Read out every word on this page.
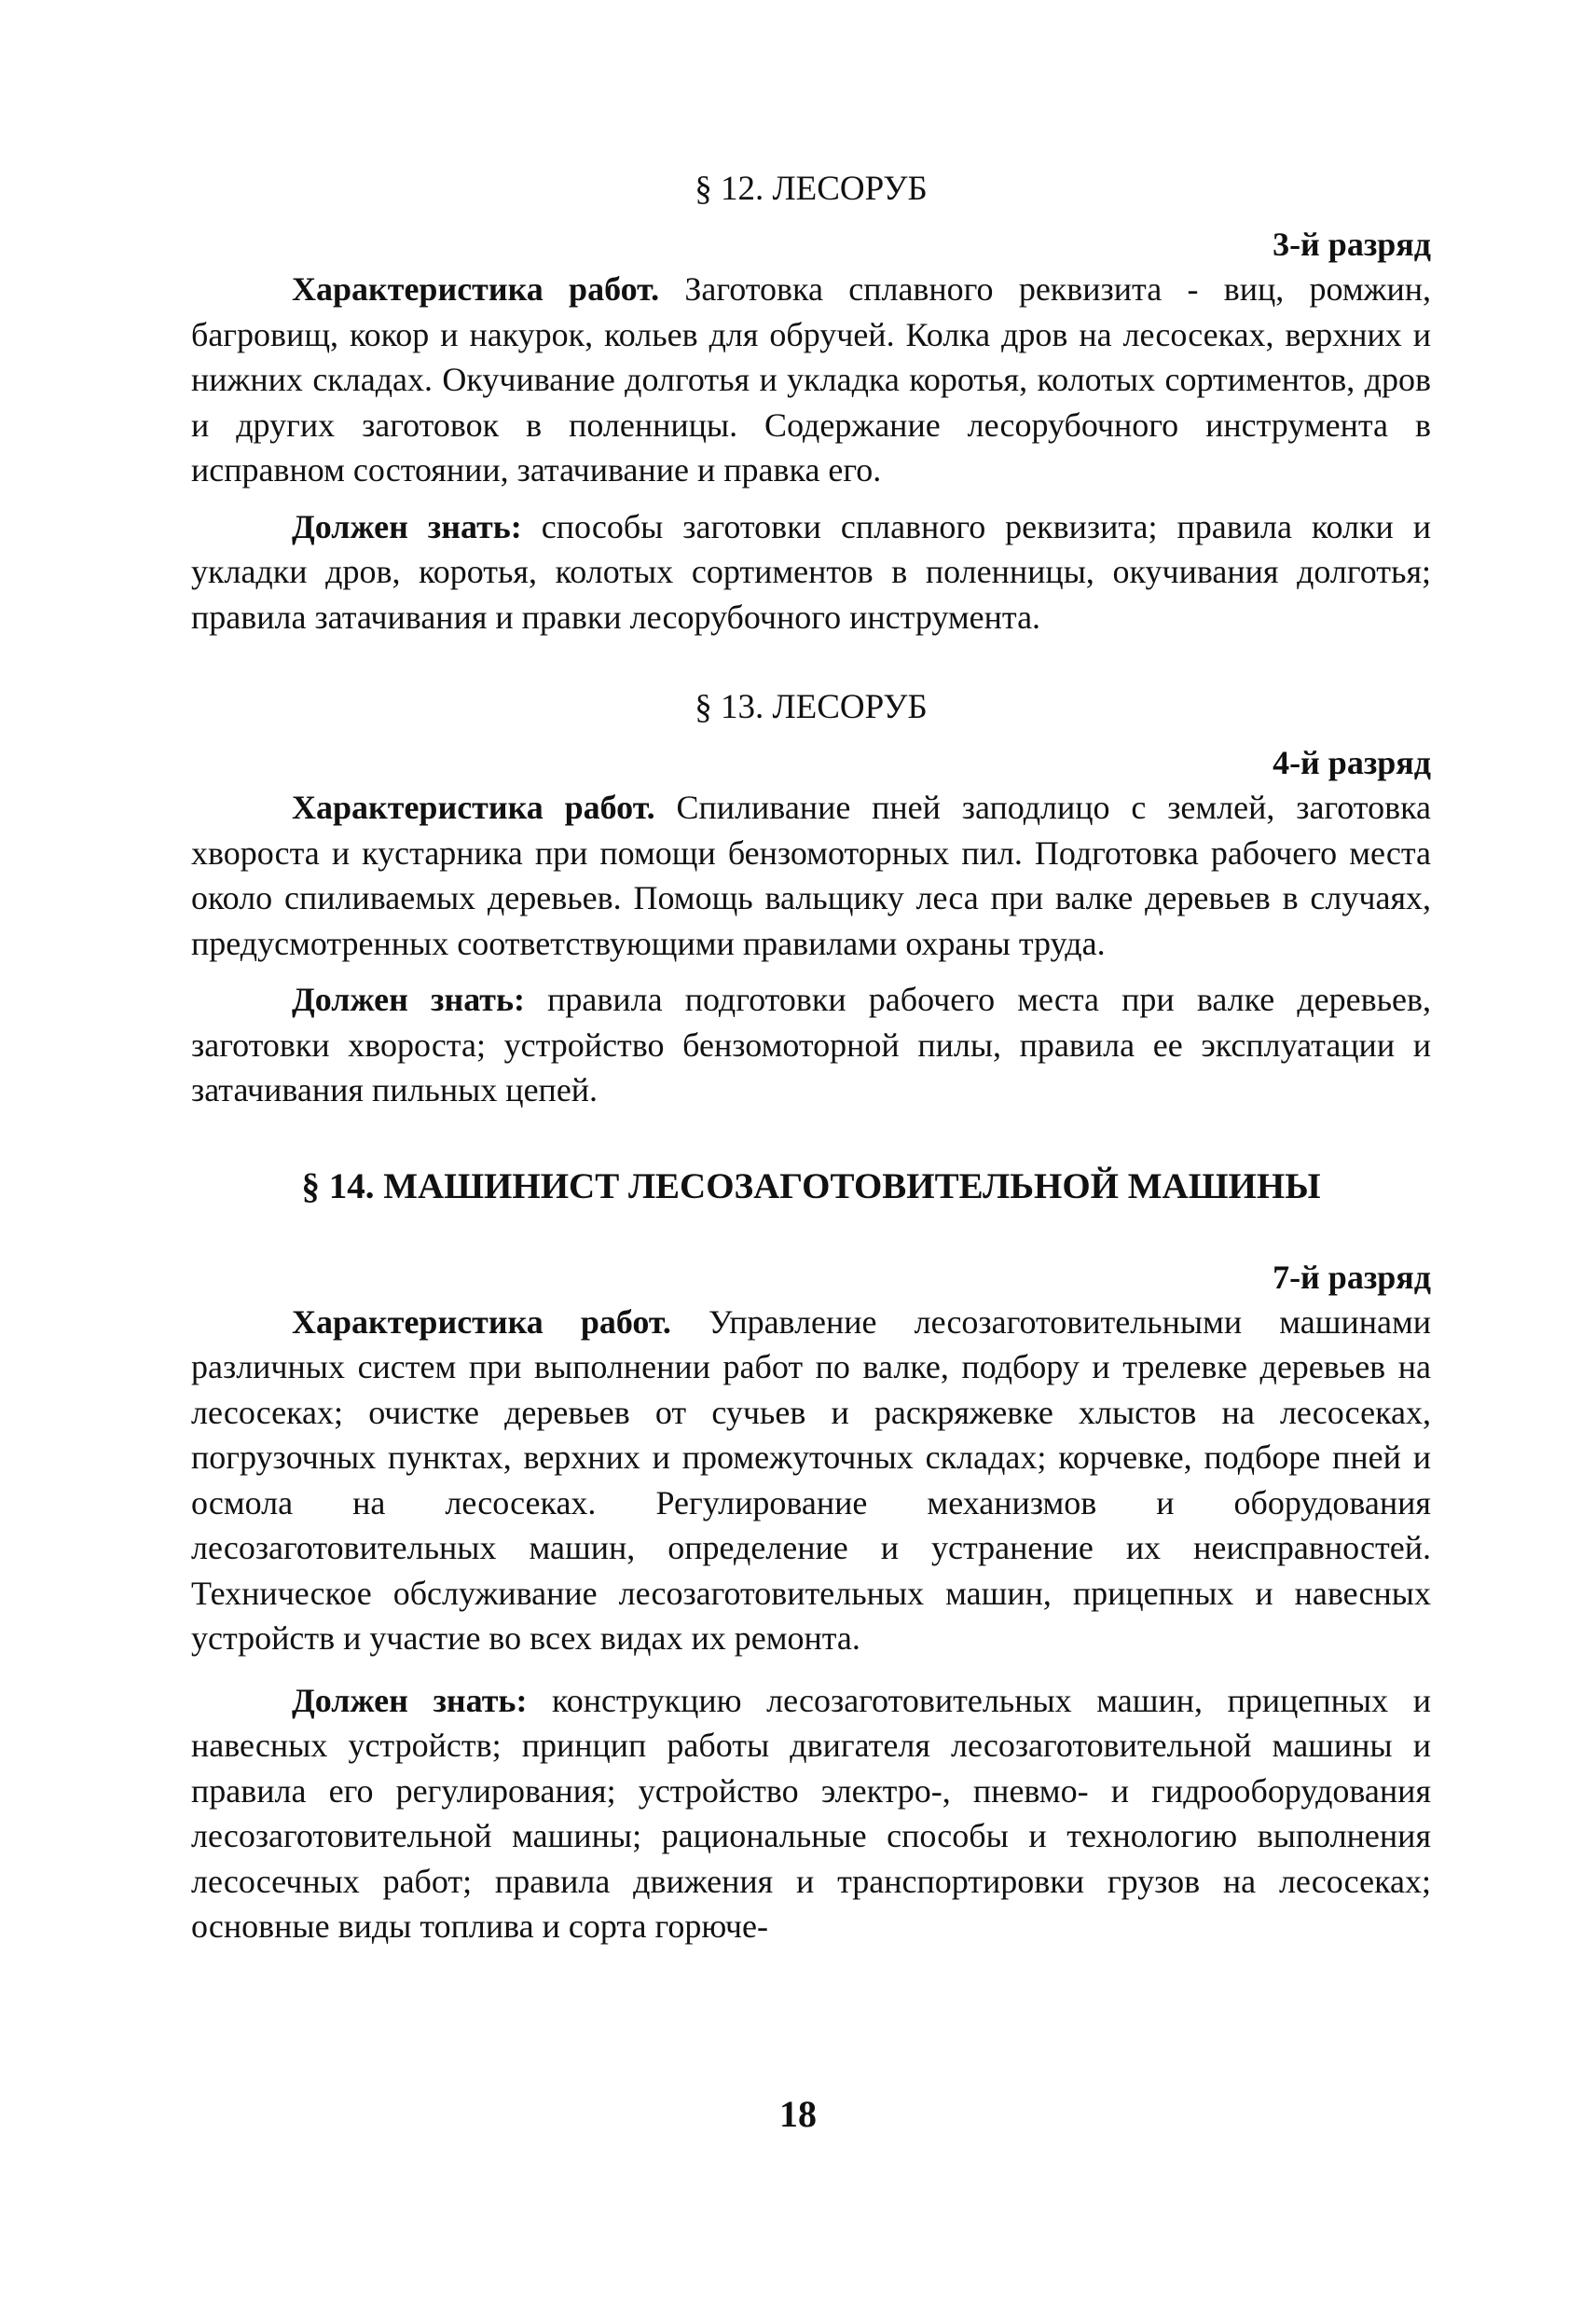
§ 12. ЛЕСОРУБ

3-й разряд

Характеристика работ. Заготовка сплавного реквизита - виц, ромжин, багровищ, кокор и накурок, кольев для обручей. Колка дров на лесосеках, верхних и нижних складах. Окучивание долготья и укладка коротья, колотых сортиментов, дров и других заготовок в поленницы. Содержание лесорубочного инструмента в исправном состоянии, затачивание и правка его.

Должен знать: способы заготовки сплавного реквизита; правила колки и укладки дров, коротья, колотых сортиментов в поленницы, окучивания долготья; правила затачивания и правки лесорубочного инструмента.

§ 13. ЛЕСОРУБ

4-й разряд

Характеристика работ. Спиливание пней заподлицо с землей, заготовка хвороста и кустарника при помощи бензомоторных пил. Подготовка рабочего места около спиливаемых деревьев. Помощь вальщику леса при валке деревьев в случаях, предусмотренных соответствующими правилами охраны труда.

Должен знать: правила подготовки рабочего места при валке деревьев, заготовки хвороста; устройство бензомоторной пилы, правила ее эксплуатации и затачивания пильных цепей.

§ 14. МАШИНИСТ ЛЕСОЗАГОТОВИТЕЛЬНОЙ МАШИНЫ

7-й разряд

Характеристика работ. Управление лесозаготовительными машинами различных систем при выполнении работ по валке, подбору и трелевке деревьев на лесосеках; очистке деревьев от сучьев и раскряжевке хлыстов на лесосеках, погрузочных пунктах, верхних и промежуточных складах; корчевке, подборе пней и осмола на лесосеках. Регулирование механизмов и оборудования лесозаготовительных машин, определение и устранение их неисправностей. Техническое обслуживание лесозаготовительных машин, прицепных и навесных устройств и участие во всех видах их ремонта.

Должен знать: конструкцию лесозаготовительных машин, прицепных и навесных устройств; принцип работы двигателя лесозаготовительной машины и правила его регулирования; устройство электро-, пневмо- и гидрооборудования лесозаготовительной машины; рациональные способы и технологию выполнения лесосечных работ; правила движения и транспортировки грузов на лесосеках; основные виды топлива и сорта горюче-

18
